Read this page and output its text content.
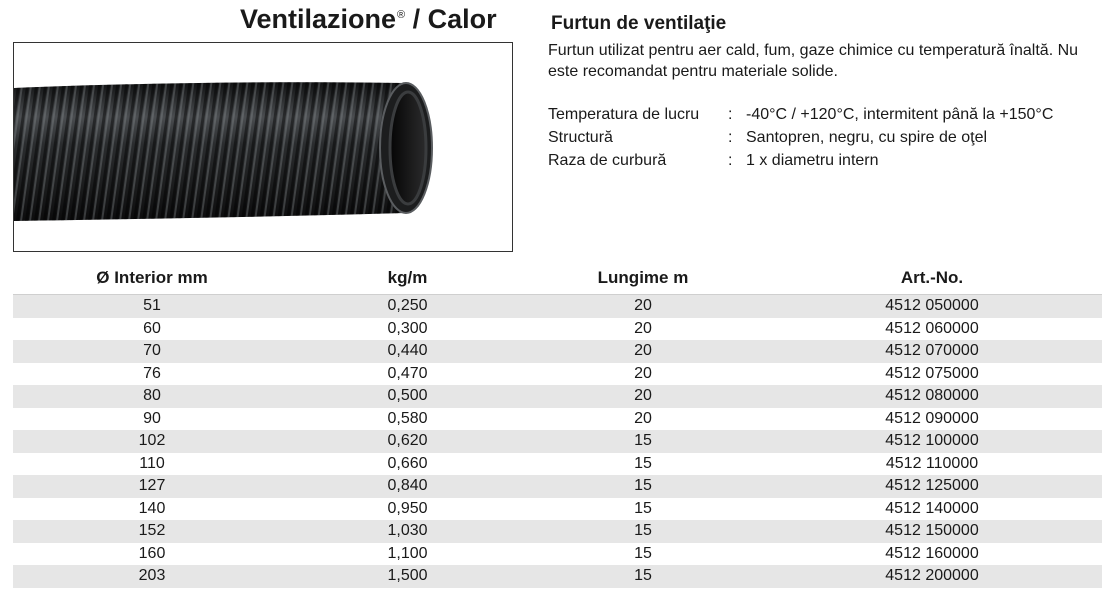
Ventilazione® / Calor	Furtun de ventilaţie
Furtun utilizat pentru aer cald, fum, gaze chimice cu temperatură înaltă. Nu este recomandat pentru materiale solide.
Temperatura de lucru	:	-40°C / +120°C, intermitent până la +150°C
Structură	:	Santopren, negru, cu spire de oţel
Raza de curbură	:	1 x diametru intern
Ø Interior mm	kg/m	Lungime m	Art.-No.
51	0,250	20	4512 050000
60	0,300	20	4512 060000
70	0,440	20	4512 070000
76	0,470	20	4512 075000
80	0,500	20	4512 080000
90	0,580	20	4512 090000
102	0,620	15	4512 100000
110	0,660	15	4512 110000
127	0,840	15	4512 125000
140	0,950	15	4512 140000
152	1,030	15	4512 150000
160	1,100	15	4512 160000
203	1,500	15	4512 200000
